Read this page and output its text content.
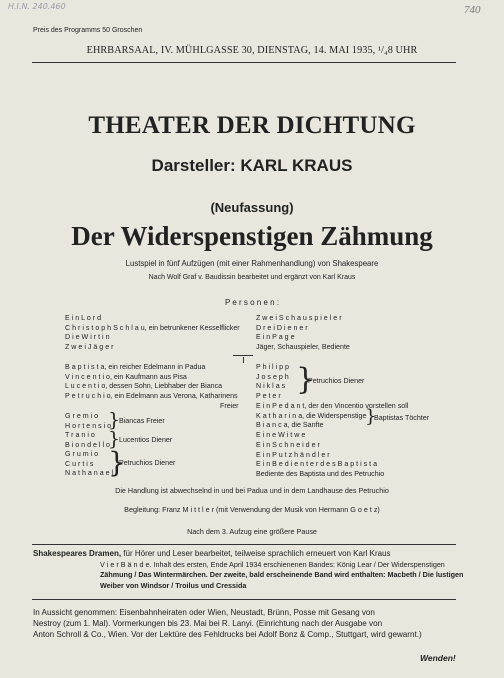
H.I.N. 240.460	740
Preis des Programms 50 Groschen
EHRBARSAAL, IV. MÜHLGASSE 30, DIENSTAG, 14. MAI 1935, ¹/₄8 UHR
THEATER DER DICHTUNG
Darsteller: KARL KRAUS
(Neufassung)
Der Widerspenstigen Zähmung
Lustspiel in fünf Aufzügen (mit einer Rahmenhandlung) von Shakespeare
Nach Wolf Graf v. Baudissin bearbeitet und ergänzt von Karl Kraus
P e r s o n e n :
E i n L o r d
C h r i s t o p h S c h l a u, ein betrunkener Kesselflicker
D i e W i r t i n
Z w e i J ä g e r
Z w e i S c h a u s p i e l e r
D r e i D i e n e r
E i n P a g e
Jäger, Schauspieler, Bediente
B a p t i s t a, ein reicher Edelmann in Padua
V i n c e n t i o, ein Kaufmann aus Pisa
L u c e n t i o, dessen Sohn, Liebhaber der Bianca
P e t r u c h i o, ein Edelmann aus Verona, Katharinens
Freier
G r e m i o
H o r t e n s i o
}
Biancas Freier
T r a n i o
B i o n d e l l o
}
Lucentios Diener
G r u m i o
C u r t i s
N a t h a n a e l
}
Petruchios Diener
P h i l i p p
J o s e p h
N i k l a s
P e t e r }
Petruchios Diener
E i n P e d a n t, der den Vincentio vorstellen soll
K a t h a r i n a, die Widerspenstige
B i a n c a, die Sanfte
E i n e W i t w e
E i n S c h n e i d e r
E i n P u t z h ä n d l e r
E i n B e d i e n t e r d e s B a p t i s t a
Bediente des Baptista und des Petruchio
}
Baptistas Töchter
Die Handlung ist abwechselnd in und bei Padua und in dem Landhause des Petruchio
Begleitung: Franz M i t t l e r (mit Verwendung der Musik von Hermann G o e t z)
Nach dem 3. Aufzug eine größere Pause
Shakespeares Dramen, für Hörer und Leser bearbeitet, teilweise sprachlich erneuert von Karl Kraus
V i e r B ä n d e. Inhalt des ersten, Ende April 1934 erschienenen Bandes: König Lear / Der Widerspenstigen
Zähmung / Das Wintermärchen. Der zweite, bald erscheinende Band wird enthalten: Macbeth / Die lustigen
Weiber von Windsor / Troilus und Cressida
In Aussicht genommen: Eisenbahnheiraten oder Wien, Neustadt, Brünn, Posse mit Gesang von
Nestroy (zum 1. Mal). Vormerkungen bis 23. Mai bei R. Lanyi. (Einrichtung nach der Ausgabe von
Anton Schroll & Co., Wien. Vor der Lektüre des Fehldrucks bei Adolf Bonz & Comp., Stuttgart, wird gewarnt.)
Wenden!
